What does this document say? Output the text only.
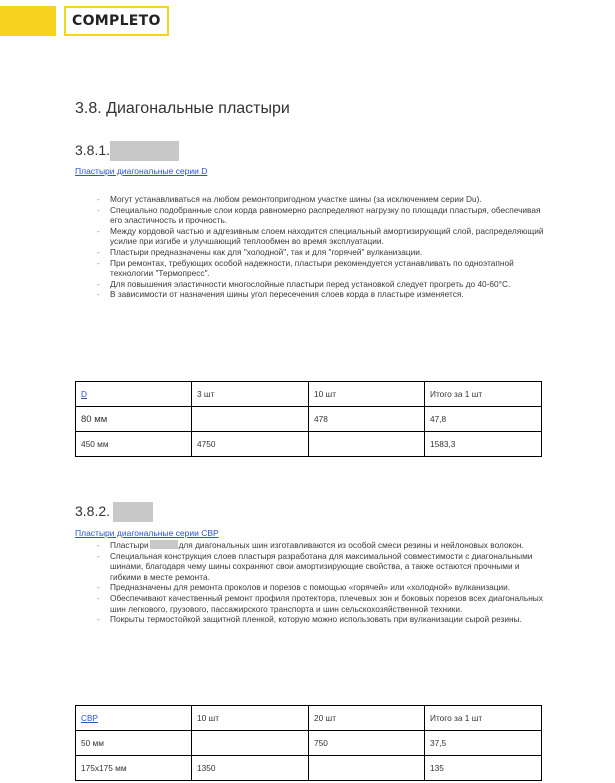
COMPLETO
3.8. Диагональные пластыри
3.8.1.
Пластыри диагональные серии D
- Могут устанавливаться на любом ремонтопригодном участке шины (за исключением серии Du).
- Специально подобранные слои корда равномерно распределяют нагрузку по площади пластыря, обеспечивая его эластичность и прочность.
- Между кордовой частью и адгезивным слоем находится специальный амортизирующий слой, распределяющий усилие при изгибе и улучшающий теплообмен во время эксплуатации.
- Пластыри предназначены как для "холодной", так и для "горячей" вулканизации.
- При ремонтах, требующих особой надежности, пластыри рекомендуется устанавливать по одноэтапной технологии "Термопресс".
- Для повышения эластичности многослойные пластыри перед установкой следует прогреть до 40-60°С.
- В зависимости от назначения шины угол пересечения слоев корда в пластыре изменяется.
D	3 шт	10 шт	Итого за 1 шт
80 мм		478	47,8
450 мм	4750		1583,3
3.8.2.
Пластыри диагональные серии CBP
- Пластыри	для диагональных шин изготавливаются из особой смеси резины и нейлоновых волокон.
- Специальная конструкция слоев пластыря разработана для максимальной совместимости с диагональными шинами, благодаря чему шины сохраняют свои амортизирующие свойства, а также остаются прочными и гибкими в месте ремонта.
- Предназначены для ремонта проколов и порезов с помощью «горячей» или «холодной» вулканизации.
- Обеспечивают качественный ремонт профиля протектора, плечевых зон и боковых порезов всех диагональных шин легкового, грузового, пассажирского транспорта и шин сельскохозяйственной техники.
- Покрыты термостойкой защитной пленкой, которую можно использовать при вулканизации сырой резины.
CBP	10 шт	20 шт	Итого за 1 шт
50 мм		750	37,5
175х175 мм	1350		135
